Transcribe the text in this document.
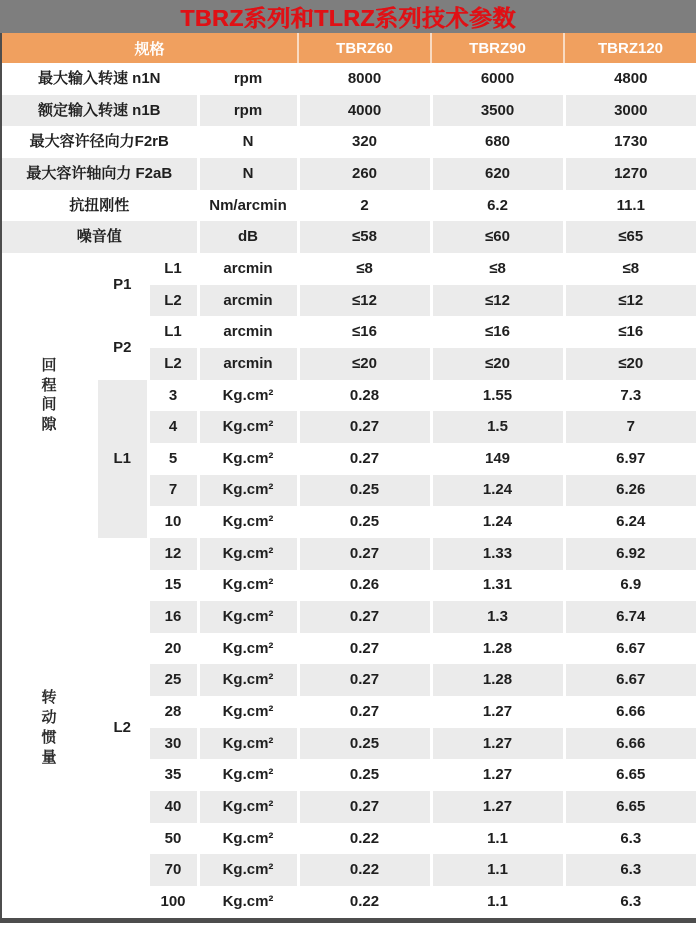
TBRZ系列和TLRZ系列技术参数
规格				TBRZ60	TBRZ90	TBRZ120
最大输入转速 n1N			rpm	8000	6000	4800
额定输入转速 n1B			rpm	4000	3500	3000
最大容许径向力F2rB			N	320	680	1730
最大容许轴向力 F2aB			N	260	620	1270
抗扭刚性			Nm/arcmin	2	6.2	11.1
噪音值			dB	≤58	≤60	≤65

回
程
间
隙	P1	L1	arcmin	≤8	≤8	≤8
		L2	arcmin	≤12	≤12	≤12
	P2	L1	arcmin	≤16	≤16	≤16
		L2	arcmin	≤20	≤20	≤20
	L1	3	Kg.cm²	0.28	1.55	7.3
		4	Kg.cm²	0.27	1.5	7
		5	Kg.cm²	0.27	149	6.97
		7	Kg.cm²	0.25	1.24	6.26
		10	Kg.cm²	0.25	1.24	6.24

转
动
惯
量	L2	12	Kg.cm²	0.27	1.33	6.92
		15	Kg.cm²	0.26	1.31	6.9
		16	Kg.cm²	0.27	1.3	6.74
		20	Kg.cm²	0.27	1.28	6.67
		25	Kg.cm²	0.27	1.28	6.67
		28	Kg.cm²	0.27	1.27	6.66
		30	Kg.cm²	0.25	1.27	6.66
		35	Kg.cm²	0.25	1.27	6.65
		40	Kg.cm²	0.27	1.27	6.65
		50	Kg.cm²	0.22	1.1	6.3
		70	Kg.cm²	0.22	1.1	6.3
		100	Kg.cm²	0.22	1.1	6.3
